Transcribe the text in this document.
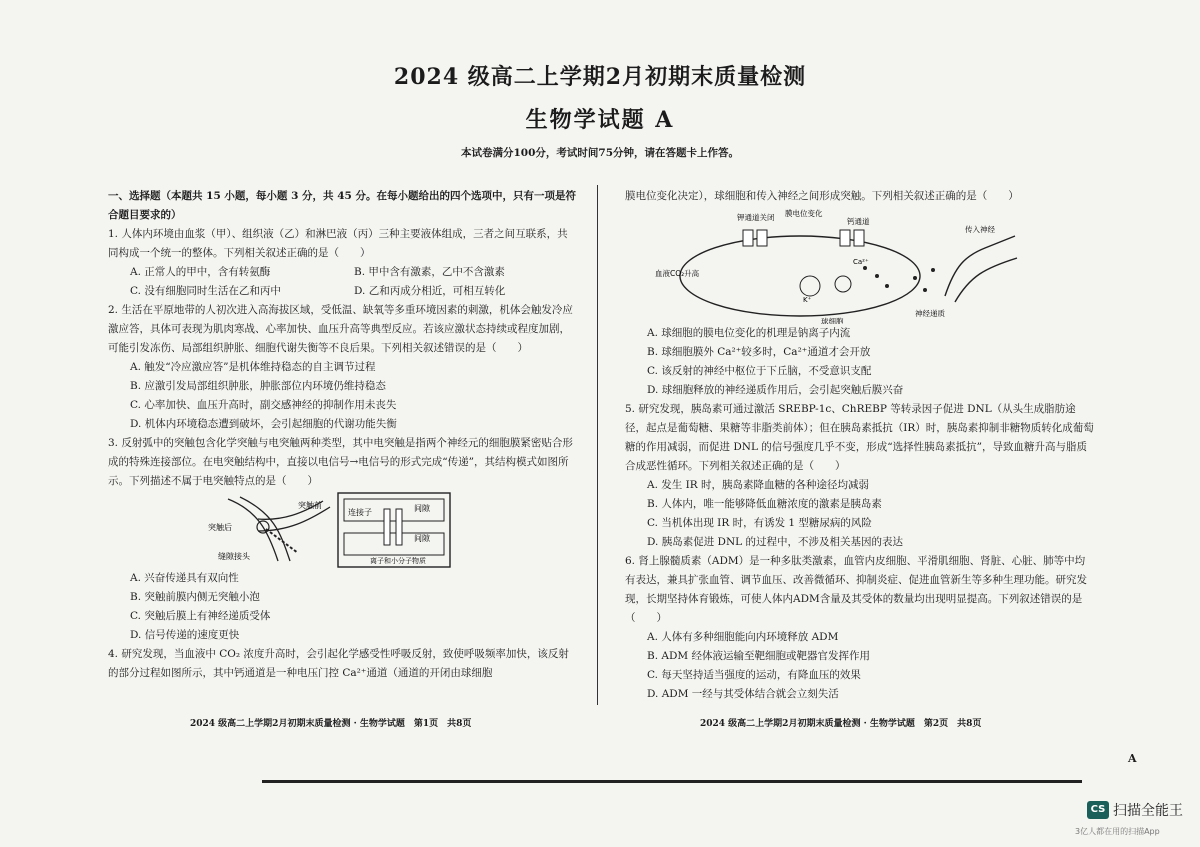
2024 级高二上学期2月初期末质量检测
生物学试题 A
本试卷满分100分，考试时间75分钟，请在答题卡上作答。

一、选择题（本题共 15 小题，每小题 3 分，共 45 分。在每小题给出的四个选项中，只有一项是符合题目要求的）

1. 人体内环境由血浆（甲）、组织液（乙）和淋巴液（丙）三种主要液体组成，三者之间互联系，共同构成一个统一的整体。下列相关叙述正确的是（　　）

A. 正常人的甲中，含有转氨酶	B. 甲中含有激素，乙中不含激素
C. 没有细胞同时生活在乙和丙中	D. 乙和丙成分相近，可相互转化

2. 生活在平原地带的人初次进入高海拔区域，受低温、缺氧等多重环境因素的刺激，机体会触发冷应激应答，具体可表现为肌肉寒战、心率加快、血压升高等典型反应。若该应激状态持续或程度加剧，可能引发冻伤、局部组织肿胀、细胞代谢失衡等不良后果。下列相关叙述错误的是（　　）

A. 触发“冷应激应答”是机体维持稳态的自主调节过程
B. 应激引发局部组织肿胀，肿胀部位内环境仍维持稳态
C. 心率加快、血压升高时，副交感神经的抑制作用未丧失
D. 机体内环境稳态遭到破坏，会引起细胞的代谢功能失衡

3. 反射弧中的突触包含化学突触与电突触两种类型，其中电突触是指两个神经元的细胞膜紧密贴合形成的特殊连接部位。在电突触结构中，直接以电信号→电信号的形式完成“传递”，其结构模式如图所示。下列描述不属于电突触特点的是（　　）

突触后
突触前
缝隙接头
连接子	间隙
间隙
离子和小分子物质
A. 兴奋传递具有双向性
B. 突触前膜内侧无突触小泡
C. 突触后膜上有神经递质受体
D. 信号传递的速度更快

4. 研究发现，当血液中 CO₂ 浓度升高时，会引起化学感受性呼吸反射，致使呼吸频率加快，该反射的部分过程如图所示，其中钙通道是一种电压门控 Ca²⁺通道（通道的开闭由球细胞

膜电位变化决定），球细胞和传入神经之间形成突触。下列相关叙述正确的是（　　）

钾通道关闭 膜电位变化
钙通道
传入神经
血液CO₂升高
Ca²⁺
K⁺
球细胞
神经递质
A. 球细胞的膜电位变化的机理是钠离子内流
B. 球细胞膜外 Ca²⁺较多时，Ca²⁺通道才会开放
C. 该反射的神经中枢位于下丘脑，不受意识支配
D. 球细胞释放的神经递质作用后，会引起突触后膜兴奋

5. 研究发现，胰岛素可通过激活 SREBP-1c、ChREBP 等转录因子促进 DNL（从头生成脂肪途径，起点是葡萄糖、果糖等非脂类前体）；但在胰岛素抵抗（IR）时，胰岛素抑制非糖物质转化成葡萄糖的作用减弱，而促进 DNL 的信号强度几乎不变，形成“选择性胰岛素抵抗”，导致血糖升高与脂质合成恶性循环。下列相关叙述正确的是（　　）

A. 发生 IR 时，胰岛素降血糖的各种途径均减弱
B. 人体内，唯一能够降低血糖浓度的激素是胰岛素
C. 当机体出现 IR 时，有诱发 1 型糖尿病的风险
D. 胰岛素促进 DNL 的过程中，不涉及相关基因的表达

6. 肾上腺髓质素（ADM）是一种多肽类激素，血管内皮细胞、平滑肌细胞、肾脏、心脏、肺等中均有表达，兼具扩张血管、调节血压、改善微循环、抑制炎症、促进血管新生等多种生理功能。研究发现，长期坚持体育锻炼，可使人体内ADM含量及其受体的数量均出现明显提高。下列叙述错误的是（　　）

A. 人体有多种细胞能向内环境释放 ADM
B. ADM 经体液运输至靶细胞或靶器官发挥作用
C. 每天坚持适当强度的运动，有降血压的效果
D. ADM 一经与其受体结合就会立刻失活
2024 级高二上学期2月初期末质量检测 · 生物学试题　第1页　共8页	2024 级高二上学期2月初期末质量检测 · 生物学试题　第2页　共8页
A
CS 扫描全能王
3亿人都在用的扫描App
